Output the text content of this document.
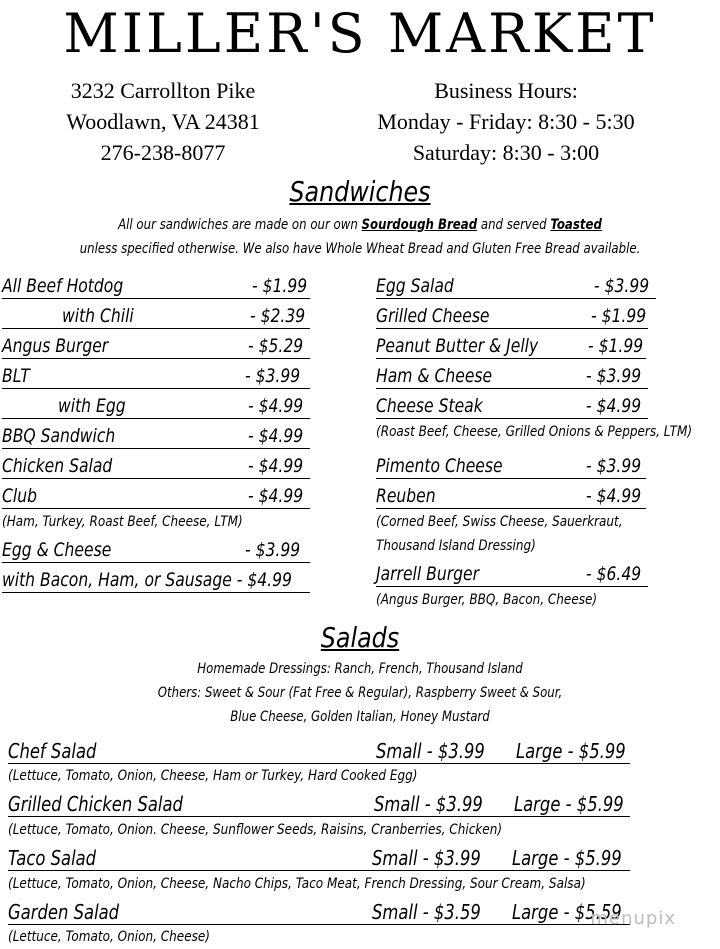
MILLER'S MARKET
3232 Carrollton Pike
Woodlawn, VA 24381
276-238-8077
Business Hours:
Monday - Friday: 8:30 - 5:30
Saturday: 8:30 - 3:00
Sandwiches
All our sandwiches are made on our own Sourdough Bread and served Toasted
unless specified otherwise. We also have Whole Wheat Bread and Gluten Free Bread available.
All Beef Hotdog	- $1.99
with Chili	- $2.39
Angus Burger	- $5.29
BLT	- $3.99
with Egg	- $4.99
BBQ Sandwich	- $4.99
Chicken Salad	- $4.99
Club	- $4.99
(Ham, Turkey, Roast Beef, Cheese, LTM)
Egg & Cheese	- $3.99
with Bacon, Ham, or Sausage - $4.99
Egg Salad	- $3.99
Grilled Cheese	- $1.99
Peanut Butter & Jelly	- $1.99
Ham & Cheese	- $3.99
Cheese Steak	- $4.99
(Roast Beef, Cheese, Grilled Onions & Peppers, LTM)
Pimento Cheese	- $3.99
Reuben	- $4.99
(Corned Beef, Swiss Cheese, Sauerkraut,
Thousand Island Dressing)
Jarrell Burger	- $6.49
(Angus Burger, BBQ, Bacon, Cheese)
Salads
Homemade Dressings: Ranch, French, Thousand Island
Others: Sweet & Sour (Fat Free & Regular), Raspberry Sweet & Sour,
Blue Cheese, Golden Italian, Honey Mustard
Chef Salad	Small - $3.99 Large - $5.99
(Lettuce, Tomato, Onion, Cheese, Ham or Turkey, Hard Cooked Egg)
Grilled Chicken Salad	Small - $3.99 Large - $5.99
(Lettuce, Tomato, Onion. Cheese, Sunflower Seeds, Raisins, Cranberries, Chicken)
Taco Salad	Small - $3.99 Large - $5.99
(Lettuce, Tomato, Onion, Cheese, Nacho Chips, Taco Meat, French Dressing, Sour Cream, Salsa)
Garden Salad	Small - $3.59 Large - $5.59
(Lettuce, Tomato, Onion, Cheese)
menupix
